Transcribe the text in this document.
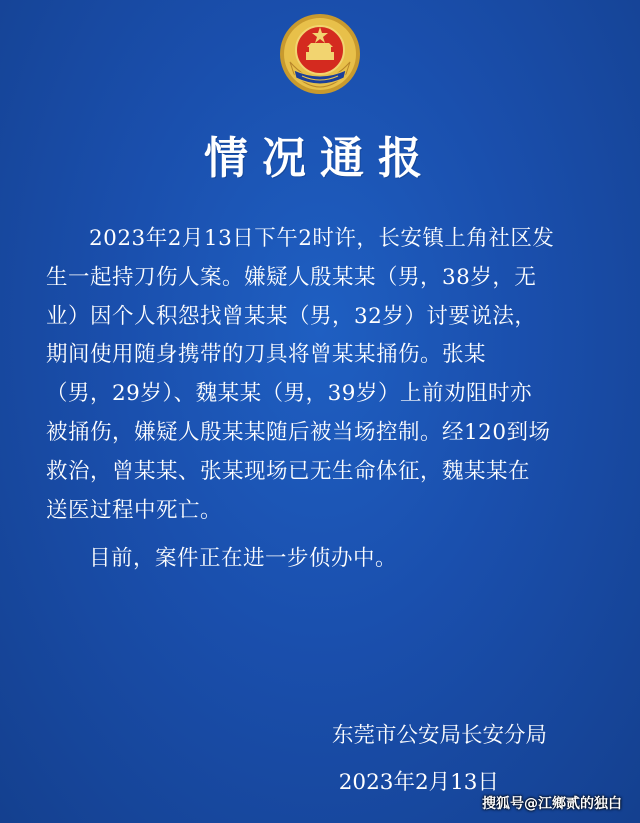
情况通报
2023年2月13日下午2时许，长安镇上角社区发
生一起持刀伤人案。嫌疑人殷某某（男，38岁，无
业）因个人积怨找曾某某（男，32岁）讨要说法，
期间使用随身携带的刀具将曾某某捅伤。张某
（男，29岁）、魏某某（男，39岁）上前劝阻时亦
被捅伤，嫌疑人殷某某随后被当场控制。经120到场
救治，曾某某、张某现场已无生命体征，魏某某在
送医过程中死亡。
目前，案件正在进一步侦办中。
东莞市公安局长安分局
2023年2月13日
搜狐号@江鄉贰的独白
